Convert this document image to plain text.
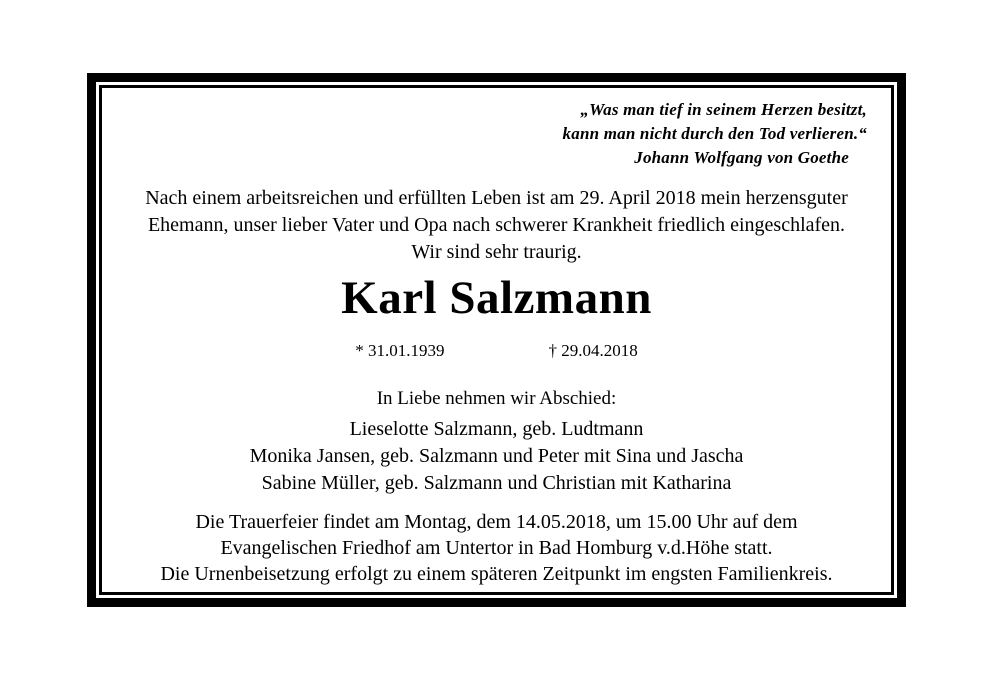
„Was man tief in seinem Herzen besitzt,
kann man nicht durch den Tod verlieren.“
Johann Wolfgang von Goethe
Nach einem arbeitsreichen und erfüllten Leben ist am 29. April 2018 mein herzensguter
Ehemann, unser lieber Vater und Opa nach schwerer Krankheit friedlich eingeschlafen.
Wir sind sehr traurig.
Karl Salzmann
* 31.01.1939	† 29.04.2018
In Liebe nehmen wir Abschied:
Lieselotte Salzmann, geb. Ludtmann
Monika Jansen, geb. Salzmann und Peter mit Sina und Jascha
Sabine Müller, geb. Salzmann und Christian mit Katharina
Die Trauerfeier findet am Montag, dem 14.05.2018, um 15.00 Uhr auf dem
Evangelischen Friedhof am Untertor in Bad Homburg v.d.Höhe statt.
Die Urnenbeisetzung erfolgt zu einem späteren Zeitpunkt im engsten Familienkreis.
